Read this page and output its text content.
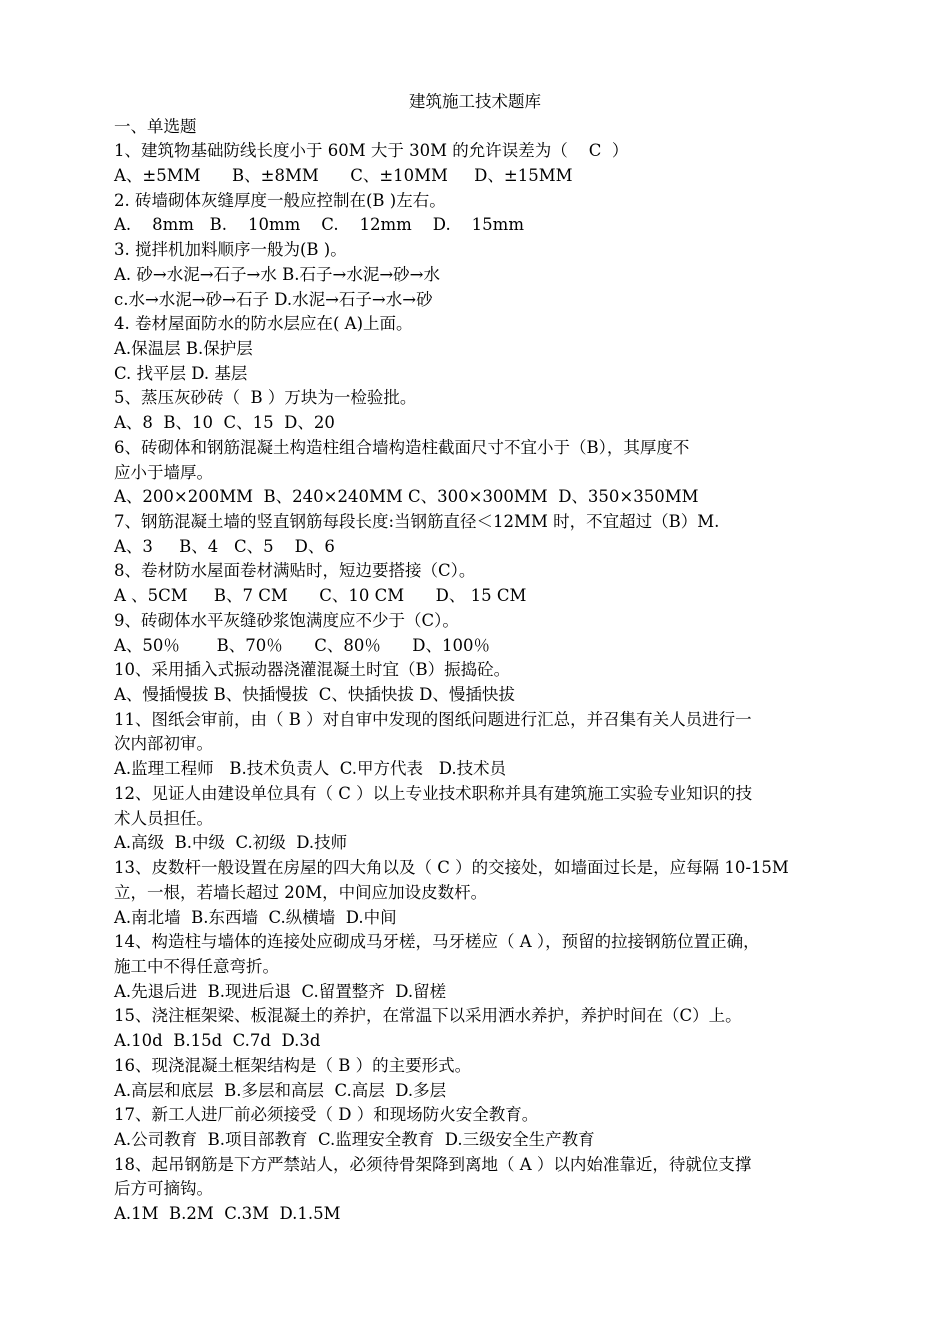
建筑施工技术题库
一、单选题
1、建筑物基础防线长度小于 60M 大于 30M 的允许误差为（    C  ）
A、±5MM      B、±8MM      C、±10MM     D、±15MM
2. 砖墙砌体灰缝厚度一般应控制在(B )左右。
A.    8mm   B.    10mm    C.    12mm    D.    15mm
3. 搅拌机加料顺序一般为(B )。
A. 砂→水泥→石子→水 B.石子→水泥→砂→水
c.水→水泥→砂→石子 D.水泥→石子→水→砂
4. 卷材屋面防水的防水层应在( A)上面。
A.保温层 B.保护层
C. 找平层 D. 基层
5、蒸压灰砂砖（  B ）万块为一检验批。
A、8  B、10  C、15  D、20
6、砖砌体和钢筋混凝土构造柱组合墙构造柱截面尺寸不宜小于（B），其厚度不
应小于墙厚。
A、200×200MM  B、240×240MM C、300×300MM  D、350×350MM
7、钢筋混凝土墙的竖直钢筋每段长度:当钢筋直径＜12MM 时，不宜超过（B）M.
A、3     B、4   C、5    D、6
8、卷材防水屋面卷材满贴时，短边要搭接（C）。
A 、5CM     B、7 CM      C、10 CM      D、 15 CM
9、砖砌体水平灰缝砂浆饱满度应不少于（C）。
A、50％       B、70％      C、80％      D、100％
10、采用插入式振动器浇灌混凝土时宜（B）振捣砼。
A、慢插慢拔 B、快插慢拔  C、快插快拔 D、慢插快拔
11、图纸会审前，由（ B ）对自审中发现的图纸问题进行汇总，并召集有关人员进行一
次内部初审。
A.监理工程师   B.技术负责人  C.甲方代表   D.技术员
12、见证人由建设单位具有（ C ）以上专业技术职称并具有建筑施工实验专业知识的技
术人员担任。
A.高级  B.中级  C.初级  D.技师
13、皮数杆一般设置在房屋的四大角以及（ C ）的交接处，如墙面过长是，应每隔 10-15M
立，一根，若墙长超过 20M，中间应加设皮数杆。
A.南北墙  B.东西墙  C.纵横墙  D.中间
14、构造柱与墙体的连接处应砌成马牙槎，马牙槎应（ A ），预留的拉接钢筋位置正确，
施工中不得任意弯折。
A.先退后进  B.现进后退  C.留置整齐  D.留槎
15、浇注框架梁、板混凝土的养护，在常温下以采用洒水养护，养护时间在（C）上。
A.10d  B.15d  C.7d  D.3d
16、现浇混凝土框架结构是（ B ）的主要形式。
A.高层和底层  B.多层和高层  C.高层  D.多层
17、新工人进厂前必须接受（ D ）和现场防火安全教育。
A.公司教育  B.项目部教育  C.监理安全教育  D.三级安全生产教育
18、起吊钢筋是下方严禁站人，必须待骨架降到离地（ A ）以内始准靠近，待就位支撑
后方可摘钩。
A.1M  B.2M  C.3M  D.1.5M
